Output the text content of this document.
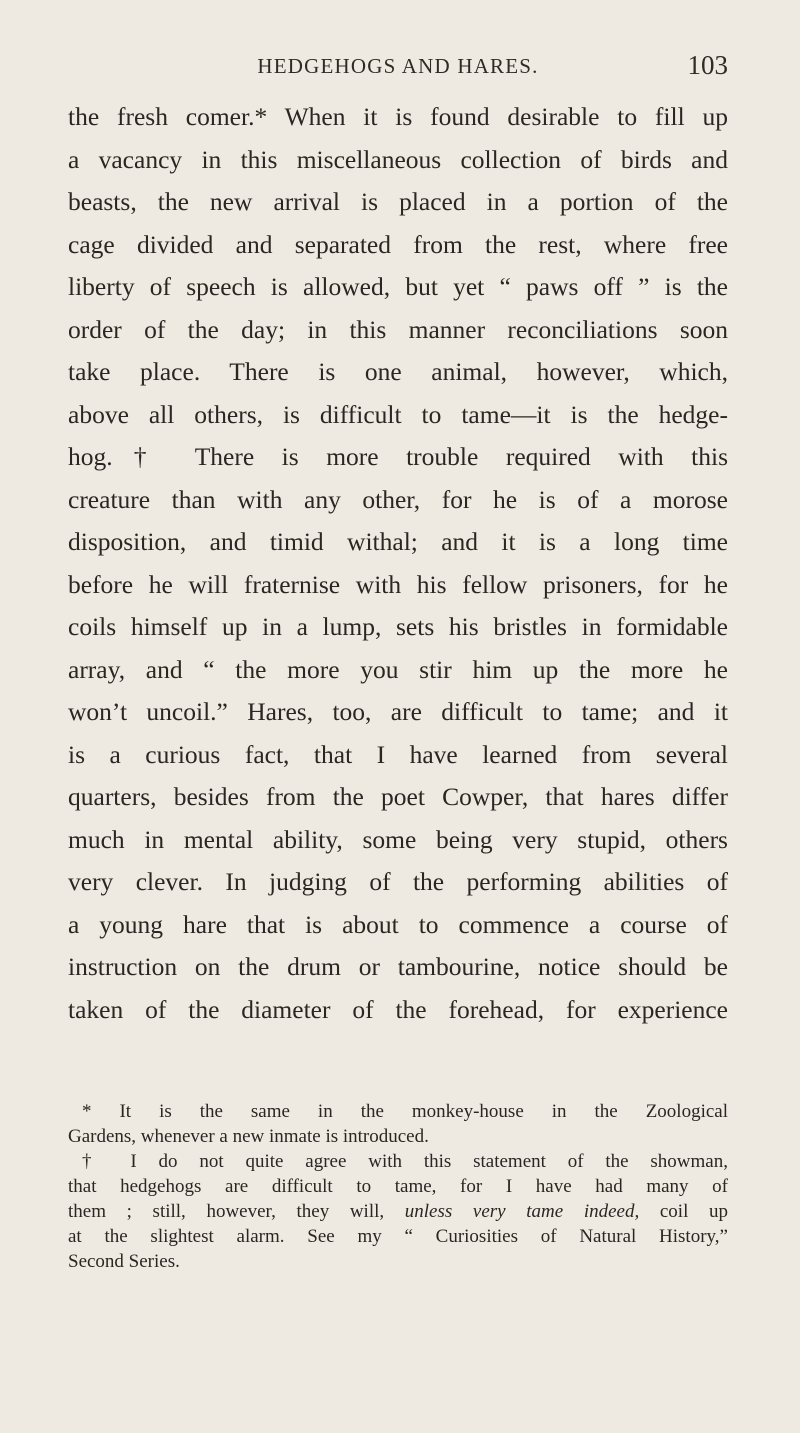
HEDGEHOGS AND HARES.	103
the fresh comer.* When it is found desirable to fill up
a vacancy in this miscellaneous collection of birds and
beasts, the new arrival is placed in a portion of the
cage divided and separated from the rest, where free
liberty of speech is allowed, but yet “ paws off ” is the
order of the day; in this manner reconciliations soon
take place. There is one animal, however, which,
above all others, is difficult to tame—it is the hedge-
hog.† There is more trouble required with this
creature than with any other, for he is of a morose
disposition, and timid withal; and it is a long time
before he will fraternise with his fellow prisoners, for he
coils himself up in a lump, sets his bristles in formidable
array, and “ the more you stir him up the more he
won’t uncoil.” Hares, too, are difficult to tame; and it
is a curious fact, that I have learned from several
quarters, besides from the poet Cowper, that hares differ
much in mental ability, some being very stupid, others
very clever. In judging of the performing abilities of
a young hare that is about to commence a course of
instruction on the drum or tambourine, notice should be
taken of the diameter of the forehead, for experience
* It is the same in the monkey-house in the Zoological
Gardens, whenever a new inmate is introduced.
† I do not quite agree with this statement of the showman,
that hedgehogs are difficult to tame, for I have had many of
them ; still, however, they will, unless very tame indeed, coil up
at the slightest alarm. See my “ Curiosities of Natural History,”
Second Series.
